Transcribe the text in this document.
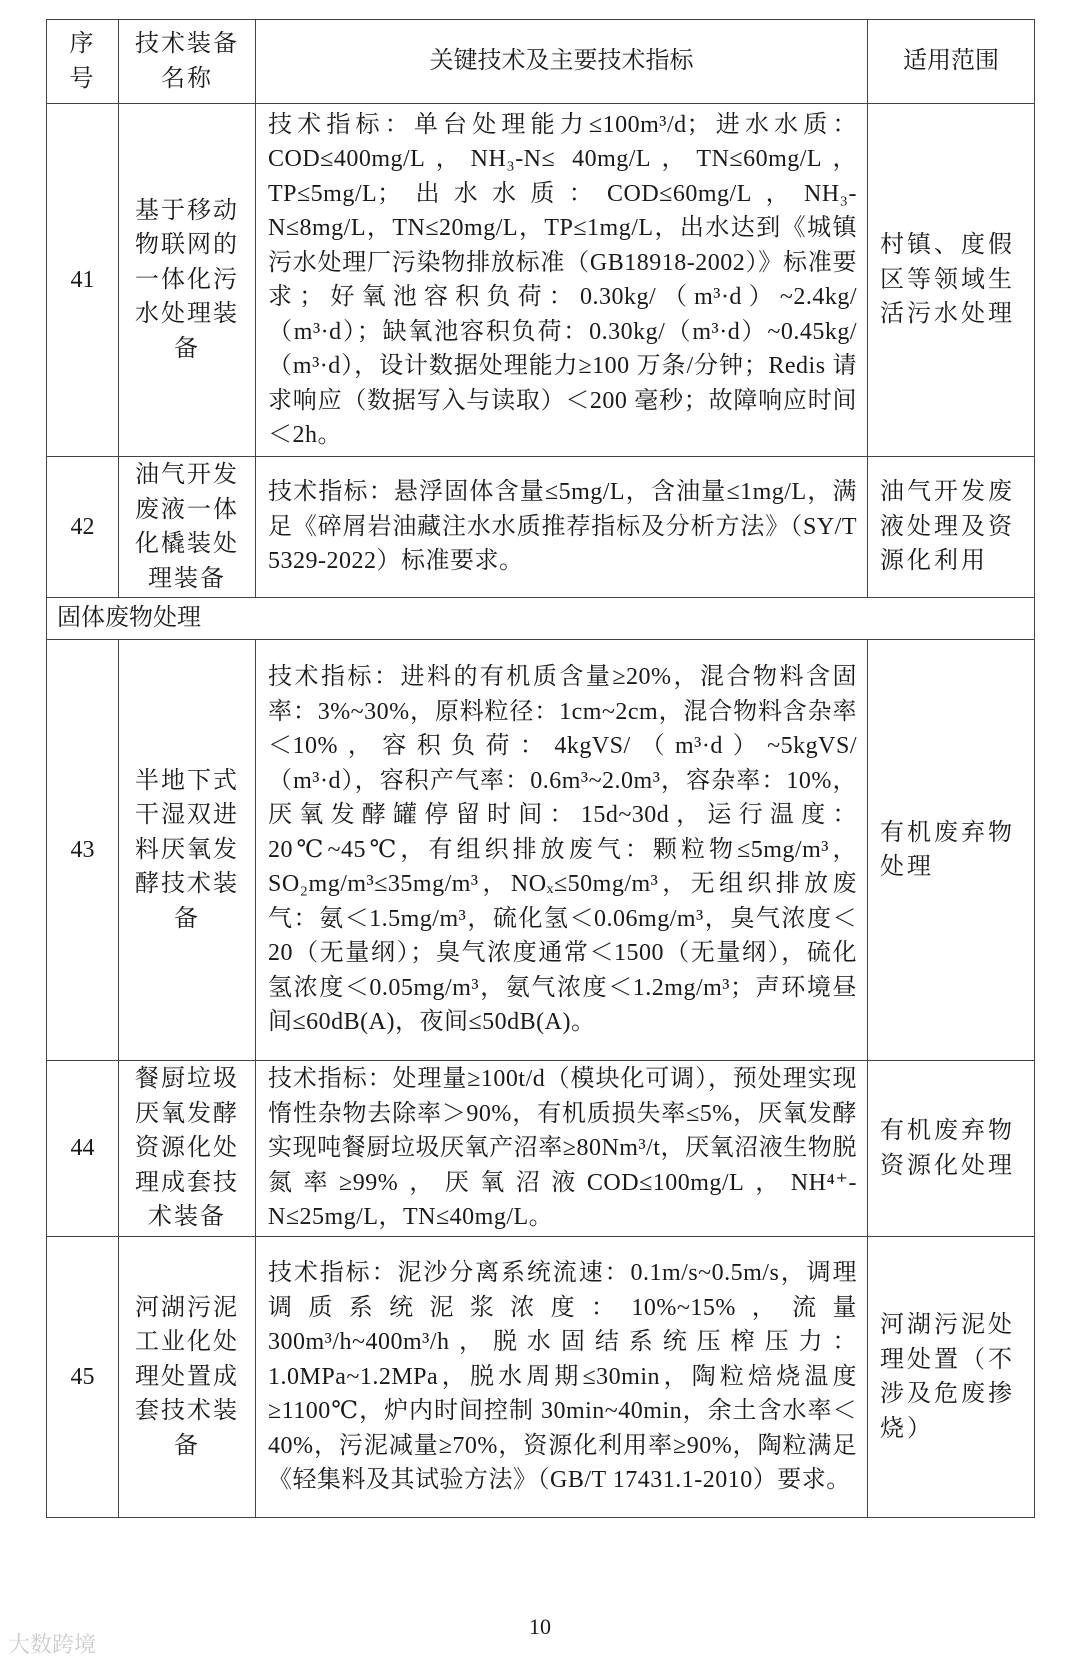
序号	技术装备名称	关键技术及主要技术指标	适用范围
41	基于移动物联网的一体化污水处理装备	技术指标：单台处理能力≤100m³/d；进水水质：COD≤400mg/L，NH₃-N≤ 40mg/L，TN≤60mg/L，TP≤5mg/L；出水水质：COD≤60mg/L，NH₃-N≤8mg/L，TN≤20mg/L，TP≤1mg/L，出水达到《城镇污水处理厂污染物排放标准（GB18918-2002）》标准要求；好氧池容积负荷：0.30kg/（m³·d）~2.4kg/（m³·d）；缺氧池容积负荷：0.30kg/（m³·d）~0.45kg/（m³·d），设计数据处理能力≥100 万条/分钟；Redis 请求响应（数据写入与读取）＜200 毫秒；故障响应时间＜2h。	村镇、度假区等领域生活污水处理
42	油气开发废液一体化橇装处理装备	技术指标：悬浮固体含量≤5mg/L，含油量≤1mg/L，满足《碎屑岩油藏注水水质推荐指标及分析方法》（SY/T 5329-2022）标准要求。	油气开发废液处理及资源化利用
固体废物处理			
43	半地下式干湿双进料厌氧发酵技术装备	技术指标：进料的有机质含量≥20%，混合物料含固率：3%~30%，原料粒径：1cm~2cm，混合物料含杂率＜10%，容积负荷：4kgVS/（m³·d）~5kgVS/（m³·d），容积产气率：0.6m³~2.0m³，容杂率：10%，厌氧发酵罐停留时间：15d~30d，运行温度：20℃~45℃，有组织排放废气：颗粒物≤5mg/m³，SO₂mg/m³≤35mg/m³，NOₓ≤50mg/m³，无组织排放废气：氨＜1.5mg/m³，硫化氢＜0.06mg/m³，臭气浓度＜20（无量纲）；臭气浓度通常＜1500（无量纲），硫化氢浓度＜0.05mg/m³，氨气浓度＜1.2mg/m³；声环境昼间≤60dB(A)，夜间≤50dB(A)。	有机废弃物处理
44	餐厨垃圾厌氧发酵资源化处理成套技术装备	技术指标：处理量≥100t/d（模块化可调），预处理实现惰性杂物去除率＞90%，有机质损失率≤5%，厌氧发酵实现吨餐厨垃圾厌氧产沼率≥80Nm³/t，厌氧沼液生物脱氮率≥99%，厌氧沼液COD≤100mg/L，NH⁴⁺-N≤25mg/L，TN≤40mg/L。	有机废弃物资源化处理
45	河湖污泥工业化处理处置成套技术装备	技术指标：泥沙分离系统流速：0.1m/s~0.5m/s，调理调质系统泥浆浓度：10%~15%，流量300m³/h~400m³/h，脱水固结系统压榨压力：1.0MPa~1.2MPa，脱水周期≤30min，陶粒焙烧温度≥1100℃，炉内时间控制 30min~40min，余土含水率＜40%，污泥减量≥70%，资源化利用率≥90%，陶粒满足《轻集料及其试验方法》（GB/T 17431.1-2010）要求。	河湖污泥处理处置（不涉及危废掺烧）
10
大数跨境
